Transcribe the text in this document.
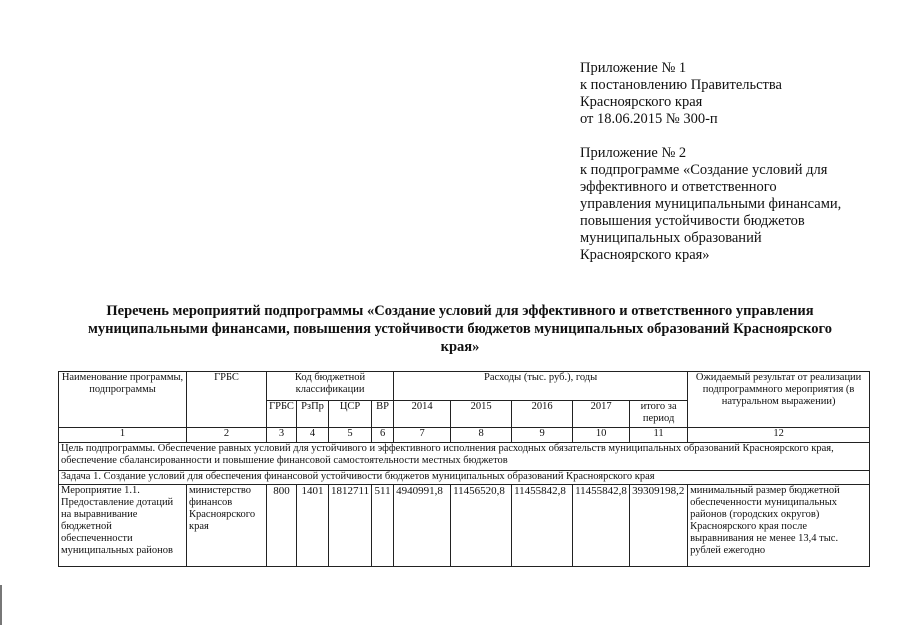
Приложение № 1
к постановлению Правительства
Красноярского края
от 18.06.2015 № 300-п
Приложение № 2
к подпрограмме «Создание условий для
эффективного и ответственного
управления муниципальными финансами,
повышения устойчивости бюджетов
муниципальных образований
Красноярского края»
Перечень мероприятий подпрограммы «Создание условий для эффективного и ответственного управления
муниципальными финансами, повышения устойчивости бюджетов муниципальных образований Красноярского
края»
Наименование программы, подпрограммы	ГРБС	Код бюджетной классификации				Расходы (тыс. руб.), годы					Ожидаемый результат от реализации подпрограммного мероприятия (в натуральном выражении)
		ГРБС	РзПр	ЦСР	ВР	2014	2015	2016	2017	итого за период	
1	2	3	4	5	6	7	8	9	10	11	12
Цель подпрограммы. Обеспечение равных условий для устойчивого и эффективного исполнения расходных обязательств муниципальных образований Красноярского края, обеспечение сбалансированности и повышение финансовой самостоятельности местных бюджетов											
Задача 1. Создание условий для обеспечения финансовой устойчивости бюджетов муниципальных образований Красноярского края											
Мероприятие 1.1. Предоставление дотаций на выравнивание бюджетной обеспеченности муниципальных районов	министерство финансов Красноярского края	800	1401	1812711	511	4940991,8	11456520,8	11455842,8	11455842,8	39309198,2	минимальный размер бюджетной обеспеченности муниципальных районов (городских округов) Красноярского края после выравнивания не менее 13,4 тыс. рублей ежегодно
